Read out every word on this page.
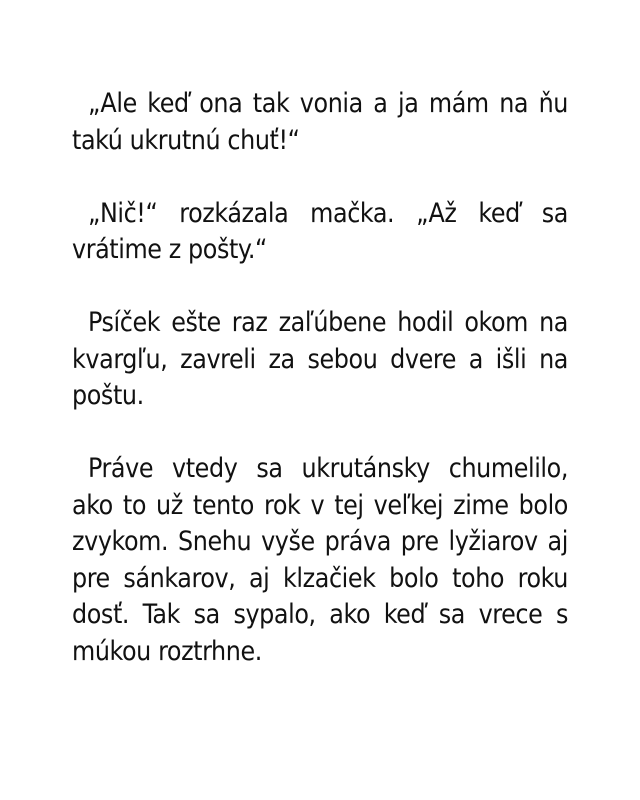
„Ale keď ona tak vonia a ja mám na ňu takú ukrutnú chuť!“

„Nič!“ rozkázala mačka. „Až keď sa vrátime z pošty.“

Psíček ešte raz zaľúbene hodil okom na kvargľu, zavreli za sebou dvere a išli na poštu.

Práve vtedy sa ukrutánsky chumelilo, ako to už tento rok v tej veľkej zime bolo zvykom. Snehu vyše práva pre lyžiarov aj pre sánkarov, aj klzačiek bolo toho roku dosť. Tak sa sypalo, ako keď sa vrece s múkou roztrhne.
